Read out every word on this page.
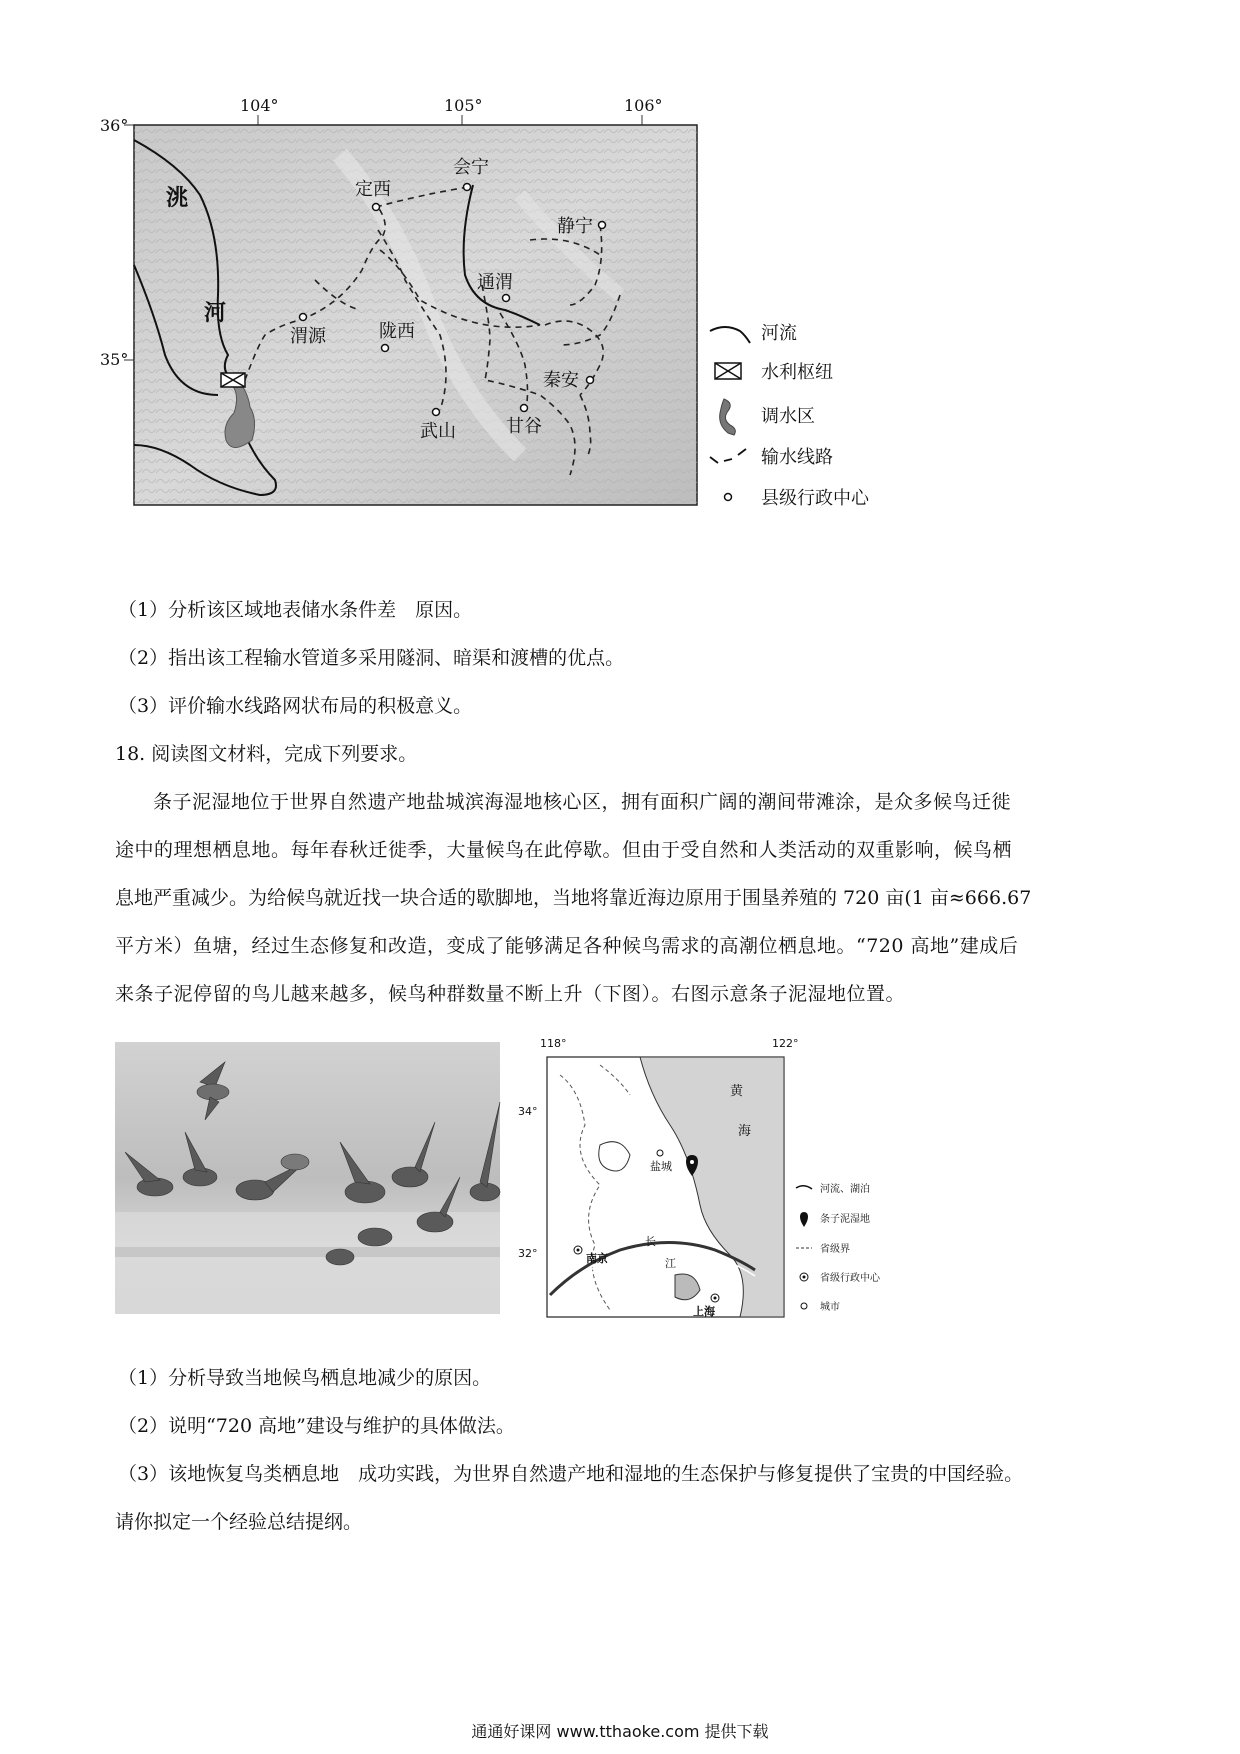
104°	105°	106°
36°
35°
定西
会宁
静宁
通渭
渭源	陇西
秦安
武山	甘谷
洮
河
河流
水利枢纽
调水区
输水线路
县级行政中心
（1）分析该区域地表储水条件差　原因。
（2）指出该工程输水管道多采用隧洞、暗渠和渡槽的优点。
（3）评价输水线路网状布局的积极意义。
18. 阅读图文材料，完成下列要求。
条子泥湿地位于世界自然遗产地盐城滨海湿地核心区，拥有面积广阔的潮间带滩涂，是众多候鸟迁徙
途中的理想栖息地。每年春秋迁徙季，大量候鸟在此停歇。但由于受自然和人类活动的双重影响，候鸟栖
息地严重减少。为给候鸟就近找一块合适的歇脚地，当地将靠近海边原用于围垦养殖的 720 亩(1 亩≈666.67
平方米）鱼塘，经过生态修复和改造，变成了能够满足各种候鸟需求的高潮位栖息地。“720 高地”建成后
来条子泥停留的鸟儿越来越多，候鸟种群数量不断上升（下图）。右图示意条子泥湿地位置。
118°	122°
34°
32°
黄
海
盐城
南京
上海
长
江
河流、湖泊
条子泥湿地
省级界
省级行政中心
城市
（1）分析导致当地候鸟栖息地减少的原因。
（2）说明“720 高地”建设与维护的具体做法。
（3）该地恢复鸟类栖息地　成功实践，为世界自然遗产地和湿地的生态保护与修复提供了宝贵的中国经验。
请你拟定一个经验总结提纲。
通通好课网 www.tthaoke.com 提供下载
